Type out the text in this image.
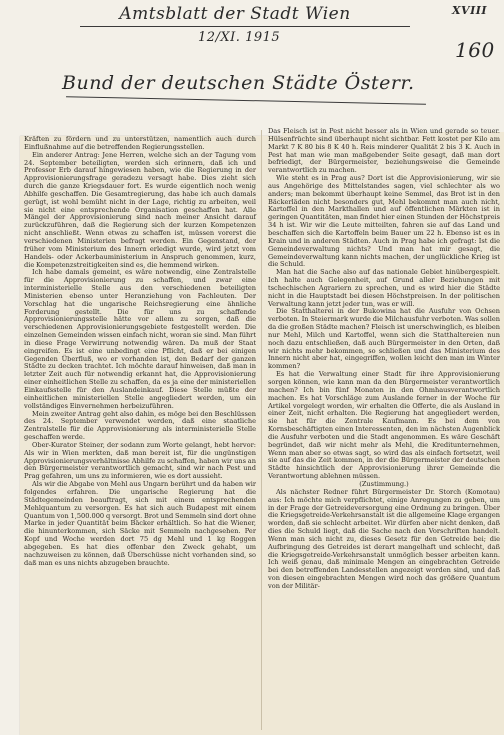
Amtsblatt der Stadt Wien	XVIII
12/XI. 1915
160
Bund der deutschen Städte Österr.

Kräften zu fördern und zu unterstützen, namentlich auch durch Einflußnahme auf die betreffenden Regierungsstellen.

Ein anderer Antrag: Jene Herren, welche sich an der Tagung vom 24. September beteiligten, werden sich erinnern, daß ich und Professor Erb darauf hingewiesen haben, wie die Regierung in der Approvisionierungsfrage geradezu versagt habe. Dies zieht sich durch die ganze Kriegsdauer fort. Es wurde eigentlich noch wenig Abhilfe geschaffen. Die Gesamtregierung, das habe ich auch damals gerügt, ist wohl bemüht nicht in der Lage, richtig zu arbeiten, weil sie nicht eine entsprechende Organisation geschaffen hat. Alle Mängel der Approvisionierung sind nach meiner Ansicht darauf zurückzuführen, daß die Regierung sich der kurzen Kompetenzen nicht anschließt. Wenn etwas zu schaffen ist, müssen vorerst die verschiedenen Ministerien befragt werden. Ein Gegenstand, der früher vom Ministerium des Innern erledigt wurde, wird jetzt vom Handels- oder Ackerbauministerium in Anspruch genommen, kurz, die Kompetenzstreitigkeiten sind es, die hemmend wirken.

Ich habe damals gemeint, es wäre notwendig, eine Zentralstelle für die Approvisionierung zu schaffen, und zwar eine interministerielle Stelle aus den verschiedenen beteiligten Ministerien ebenso unter Heranziehung von Fachleuten. Der Vorschlag hat die ungarische Reichsregierung eine ähnliche Forderung gestellt. Die für uns zu schaffende Approvisionierungsstelle hätte vor allem zu sorgen, daß die verschiedenen Approvisionierungsgebiete festgestellt werden. Die einzelnen Gemeinden wissen einfach nicht, woran sie sind. Man führt in diese Frage Verwirrung notwendig wären. Da muß der Staat eingreifen. Es ist eine unbedingt eine Pflicht, daß er bei einigen Gegenden Überfluß, wo er vorhanden ist, den Bedarf der ganzen Städte zu decken trachtet. Ich möchte darauf hinweisen, daß man in letzter Zeit auch für notwendig erkannt hat, die Approvisionierung einer einheitlichen Stelle zu schaffen, da es ja eine der ministeriellen Einkaufsstelle für den Auslandeinkauf. Diese Stelle müßte der einheitlichen ministeriellen Stelle angegliedert werden, um ein vollständiges Einvernehmen herbeizuführen.

Mein zweiter Antrag geht also dahin, es möge bei den Beschlüssen des 24. September verwendet werden, daß eine staatliche Zentralstelle für die Approvisionierung als interministerielle Stelle geschaffen werde.

Ober-Kurator Steiner, der sodann zum Worte gelangt, hebt hervor: Als wir in Wien merkten, daß man bereit ist, für die ungünstigen Approvisionierungsverhältnisse Abhilfe zu schaffen, haben wir uns an den Bürgermeister verantwortlich gemacht, sind wir nach Pest und Prag gefahren, um uns zu informieren, wie es dort aussieht.

Als wir die Abgabe von Mehl aus Ungarn berührt und da haben wir folgendes erfahren. Die ungarische Regierung hat die Städtegemeinden beauftragt, sich mit einem entsprechenden Mehlquantum zu versorgen. Es hat sich auch Budapest mit einem Quantum von 1,500.000 q versorgt. Brot und Semmeln sind dort ohne Marke in jeder Quantität beim Bäcker erhältlich. So hat die Wiener, die hinunterkommen, sich Säcke mit Semmeln nachgesehen. Per Kopf und Woche werden dort 75 dg Mehl und 1 kg Roggen abgegeben. Es hat dies offenbar den Zweck gehabt, um nachzuweisen zu können, daß Überschüsse nicht vorhanden sind, so daß man es uns nichts abzugeben brauchte.

Das Fleisch ist in Pest nicht besser als in Wien und gerade so teuer. Hülsenfrüchte sind überhaupt nicht sichtbar. Fett kostet per Kilo am Markt 7 K 80 bis 8 K 40 h. Reis minderer Qualität 2 bis 3 K. Auch in Pest hat man wie man maßgebender Seite gesagt, daß man dort befriedigt, der Bürgermeister, beziehungsweise die Gemeinde verantwortlich zu machen.

Wie steht es in Prag aus? Dort ist die Approvisionierung, wir sie aus Angehörige des Mittelstandes sagen, viel schlechter als wo anders; man bekommt überhaupt keine Semmel, das Brot ist in den Bäckerläden nicht besonders gut, Mehl bekommt man auch nicht, Kartoffel in den Markthallen und auf öffentlichen Märkten ist in geringen Quantitäten, man findet hier einen Stunden der Höchstpreis 34 h ist. Wir wir die Leute mitteilten, fahren sie auf das Land und beschaffen sich die Kartoffeln beim Bauer um 22 h. Ebenso ist es in Krain und in anderen Städten. Auch in Prag habe ich gefragt: Ist die Gemeindeverwaltung nichts? Und man hat mir gesagt, die Gemeindeverwaltung kann nichts machen, der unglückliche Krieg ist die Schuld.

Man hat die Sache also auf das nationale Gebiet hinübergespielt. Ich halte auch Gelegenheit, auf Grund aller Beziehungen mit tschechischen Agrariern zu sprechen, und es wird hier die Städte nicht in die Hauptstadt bei diesen Höchstpreisen. In der politischen Verwaltung kann jetzt jeder tun, was er will.

Die Statthalterei in der Bukowina hat die Ausfuhr von Ochsen verboten. In Steiermark wurde die Milchausfuhr verboten. Was sollen da die großen Städte machen? Fleisch ist unerschwinglich, es bleiben nur Mehl, Milch und Kartoffel, wenn sich die Statthaltereien nun noch dazu entschließen, daß auch Bürgermeister in den Orten, daß wir nichts mehr bekommen, so schließen und das Ministerium des Innern nicht aber hat, eingegriffen, wollen leicht den man im Winter kommen?

Es hat die Verwaltung einer Stadt für ihre Approvisionierung sorgen können, wie kann man da den Bürgermeister verantwortlich machen? Ich bin fünf Monaten in den Ohmhausverantwortlich machen. Es hat Vorschläge zum Auslande ferner in der Woche für Artikel vorgelegt worden, wir erhalten die Offerte, die als Ausland in einer Zeit, nicht erhalten. Die Regierung hat angegliedert werden, sie hat für die Zentrale Kaufmann. Es bei dem von Kornsbeschäftigten einen Interessenten, den im nächsten Augenblick die Ausfuhr verboten und die Stadt angenommen. Es wäre Geschäft begründet, daß wir nicht mehr als Mehl, die Kreditunternehmen, Wenn man aber so etwas sagt, so wird das als einfach fortsetzt, weil sie auf das die Zeit kommen, in der die Bürgermeister der deutschen Städte hinsichtlich der Approvisionierung ihrer Gemeinde die Verantwortung ablehnen müssen.

(Zustimmung.)

Als nächster Redner führt Bürgermeister Dr. Storch (Komotau) aus: Ich möchte mich verpflichtet, einige Anregungen zu geben, um in der Frage der Getreideversorgung eine Ordnung zu bringen. Über die Kriegsgetreide-Verkehrsanstalt ist die allgemeine Klage ergangen worden, daß sie schlecht arbeitet. Wir dürfen aber nicht denken, daß dies die Schuld liegt, daß die Sache nach den Vorschriften handelt. Wenn man sich nicht zu, dieses Gesetz für den Getreide bei; die Aufbringung des Getreides ist derart mangelhaft und schlecht, daß die Kriegsgetreide-Verkehrsanstalt unmöglich besser arbeiten kann. Ich weiß genau, daß minimale Mengen an eingebrachten Getreide bei den betreffenden Landesstellen angezeigt worden sind, und daß von diesen eingebrachten Mengen wird noch das größere Quantum von der Militär-
